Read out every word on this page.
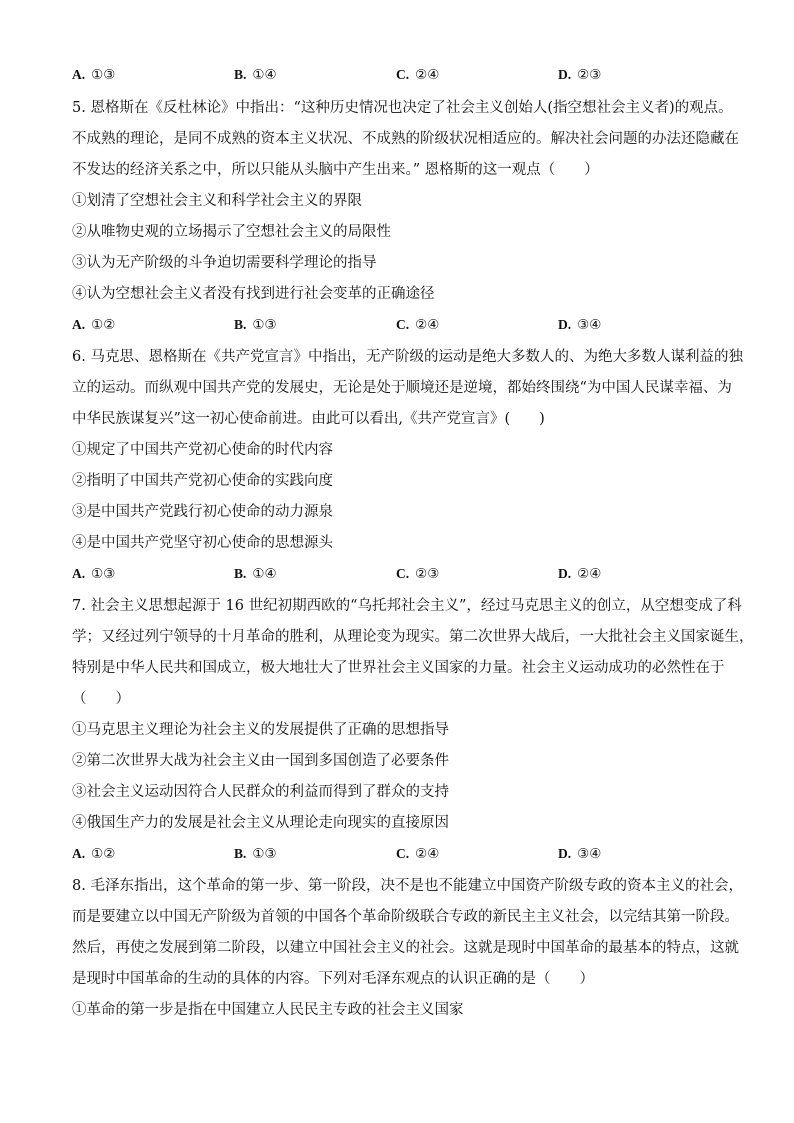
A. ①③	B. ①④	C. ②④	D. ②③
5. 恩格斯在《反杜林论》中指出：“这种历史情况也决定了社会主义创始人(指空想社会主义者)的观点。
不成熟的理论，是同不成熟的资本主义状况、不成熟的阶级状况相适应的。解决社会问题的办法还隐藏在
不发达的经济关系之中，所以只能从头脑中产生出来。” 恩格斯的这一观点（　　）
①划清了空想社会主义和科学社会主义的界限
②从唯物史观的立场揭示了空想社会主义的局限性
③认为无产阶级的斗争迫切需要科学理论的指导
④认为空想社会主义者没有找到进行社会变革的正确途径
A. ①②	B. ①③	C. ②④	D. ③④
6. 马克思、恩格斯在《共产党宣言》中指出，无产阶级的运动是绝大多数人的、为绝大多数人谋利益的独
立的运动。而纵观中国共产党的发展史，无论是处于顺境还是逆境，都始终围绕“为中国人民谋幸福、为
中华民族谋复兴”这一初心使命前进。由此可以看出,《共产党宣言》(　　)
①规定了中国共产党初心使命的时代内容
②指明了中国共产党初心使命的实践向度
③是中国共产党践行初心使命的动力源泉
④是中国共产党坚守初心使命的思想源头
A. ①③	B. ①④	C. ②③	D. ②④
7. 社会主义思想起源于 16 世纪初期西欧的“乌托邦社会主义”，经过马克思主义的创立，从空想变成了科
学；又经过列宁领导的十月革命的胜利，从理论变为现实。第二次世界大战后，一大批社会主义国家诞生，
特别是中华人民共和国成立，极大地壮大了世界社会主义国家的力量。社会主义运动成功的必然性在于
（　　）
①马克思主义理论为社会主义的发展提供了正确的思想指导
②第二次世界大战为社会主义由一国到多国创造了必要条件
③社会主义运动因符合人民群众的利益而得到了群众的支持
④俄国生产力的发展是社会主义从理论走向现实的直接原因
A. ①②	B. ①③	C. ②④	D. ③④
8. 毛泽东指出，这个革命的第一步、第一阶段，决不是也不能建立中国资产阶级专政的资本主义的社会，
而是要建立以中国无产阶级为首领的中国各个革命阶级联合专政的新民主主义社会，以完结其第一阶段。
然后，再使之发展到第二阶段，以建立中国社会主义的社会。这就是现时中国革命的最基本的特点，这就
是现时中国革命的生动的具体的内容。下列对毛泽东观点的认识正确的是（　　）
①革命的第一步是指在中国建立人民民主专政的社会主义国家
